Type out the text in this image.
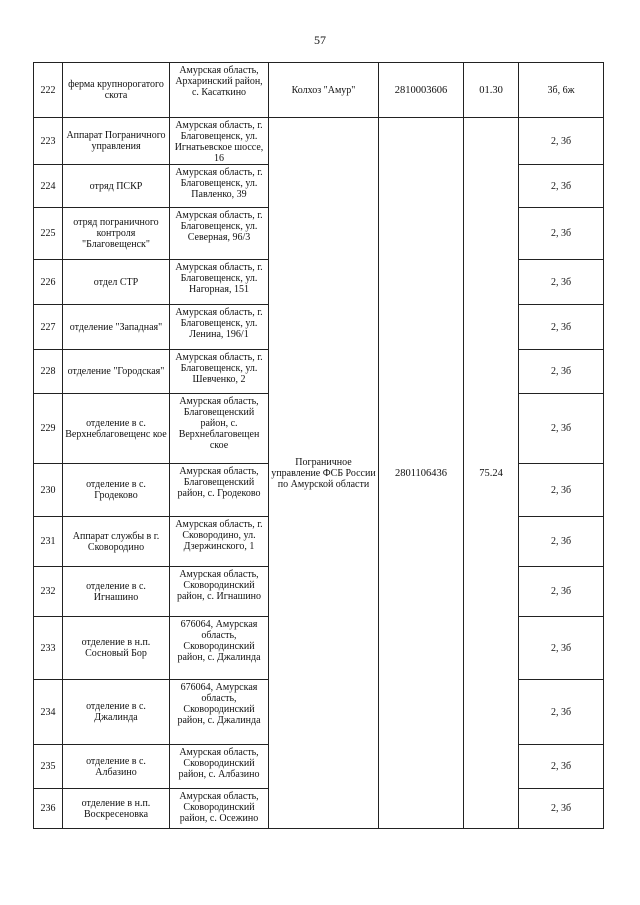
57
222	ферма крупнорогатого скота	Амурская область, Архаринский район, с. Касаткино	Колхоз "Амур"	2810003606	01.30	3б, 6ж
223	Аппарат Пограничного управления	Амурская область, г. Благовещенск, ул. Игнатьевское шоссе, 16	Пограничное управление ФСБ России по Амурской области	2801106436	75.24	2, 3б
224	отряд ПСКР	Амурская область, г. Благовещенск, ул. Павленко, 39				2, 3б
225	отряд пограничного контроля "Благовещенск"	Амурская область, г. Благовещенск, ул. Северная, 96/3				2, 3б
226	отдел СТР	Амурская область, г. Благовещенск, ул. Нагорная, 151				2, 3б
227	отделение "Западная"	Амурская область, г. Благовещенск, ул. Ленина, 196/1				2, 3б
228	отделение "Городская"	Амурская область, г. Благовещенск, ул. Шевченко, 2				2, 3б
229	отделение в с. Верхнеблаговещенс кое	Амурская область, Благовещенский район, с. Верхнеблаговещен ское				2, 3б
230	отделение в с. Гродеково	Амурская область, Благовещенский район, с. Гродеково				2, 3б
231	Аппарат службы в г. Сковородино	Амурская область, г. Сковородино, ул. Дзержинского, 1				2, 3б
232	отделение в с. Игнашино	Амурская область, Сковородинский район, с. Игнашино				2, 3б
233	отделение в н.п. Сосновый Бор	676064, Амурская область, Сковородинский район, с. Джалинда				2, 3б
234	отделение в с. Джалинда	676064, Амурская область, Сковородинский район, с. Джалинда				2, 3б
235	отделение в с. Албазино	Амурская область, Сковородинский район, с. Албазино				2, 3б
236	отделение в н.п. Воскресеновка	Амурская область, Сковородинский район, с. Осежино				2, 3б
